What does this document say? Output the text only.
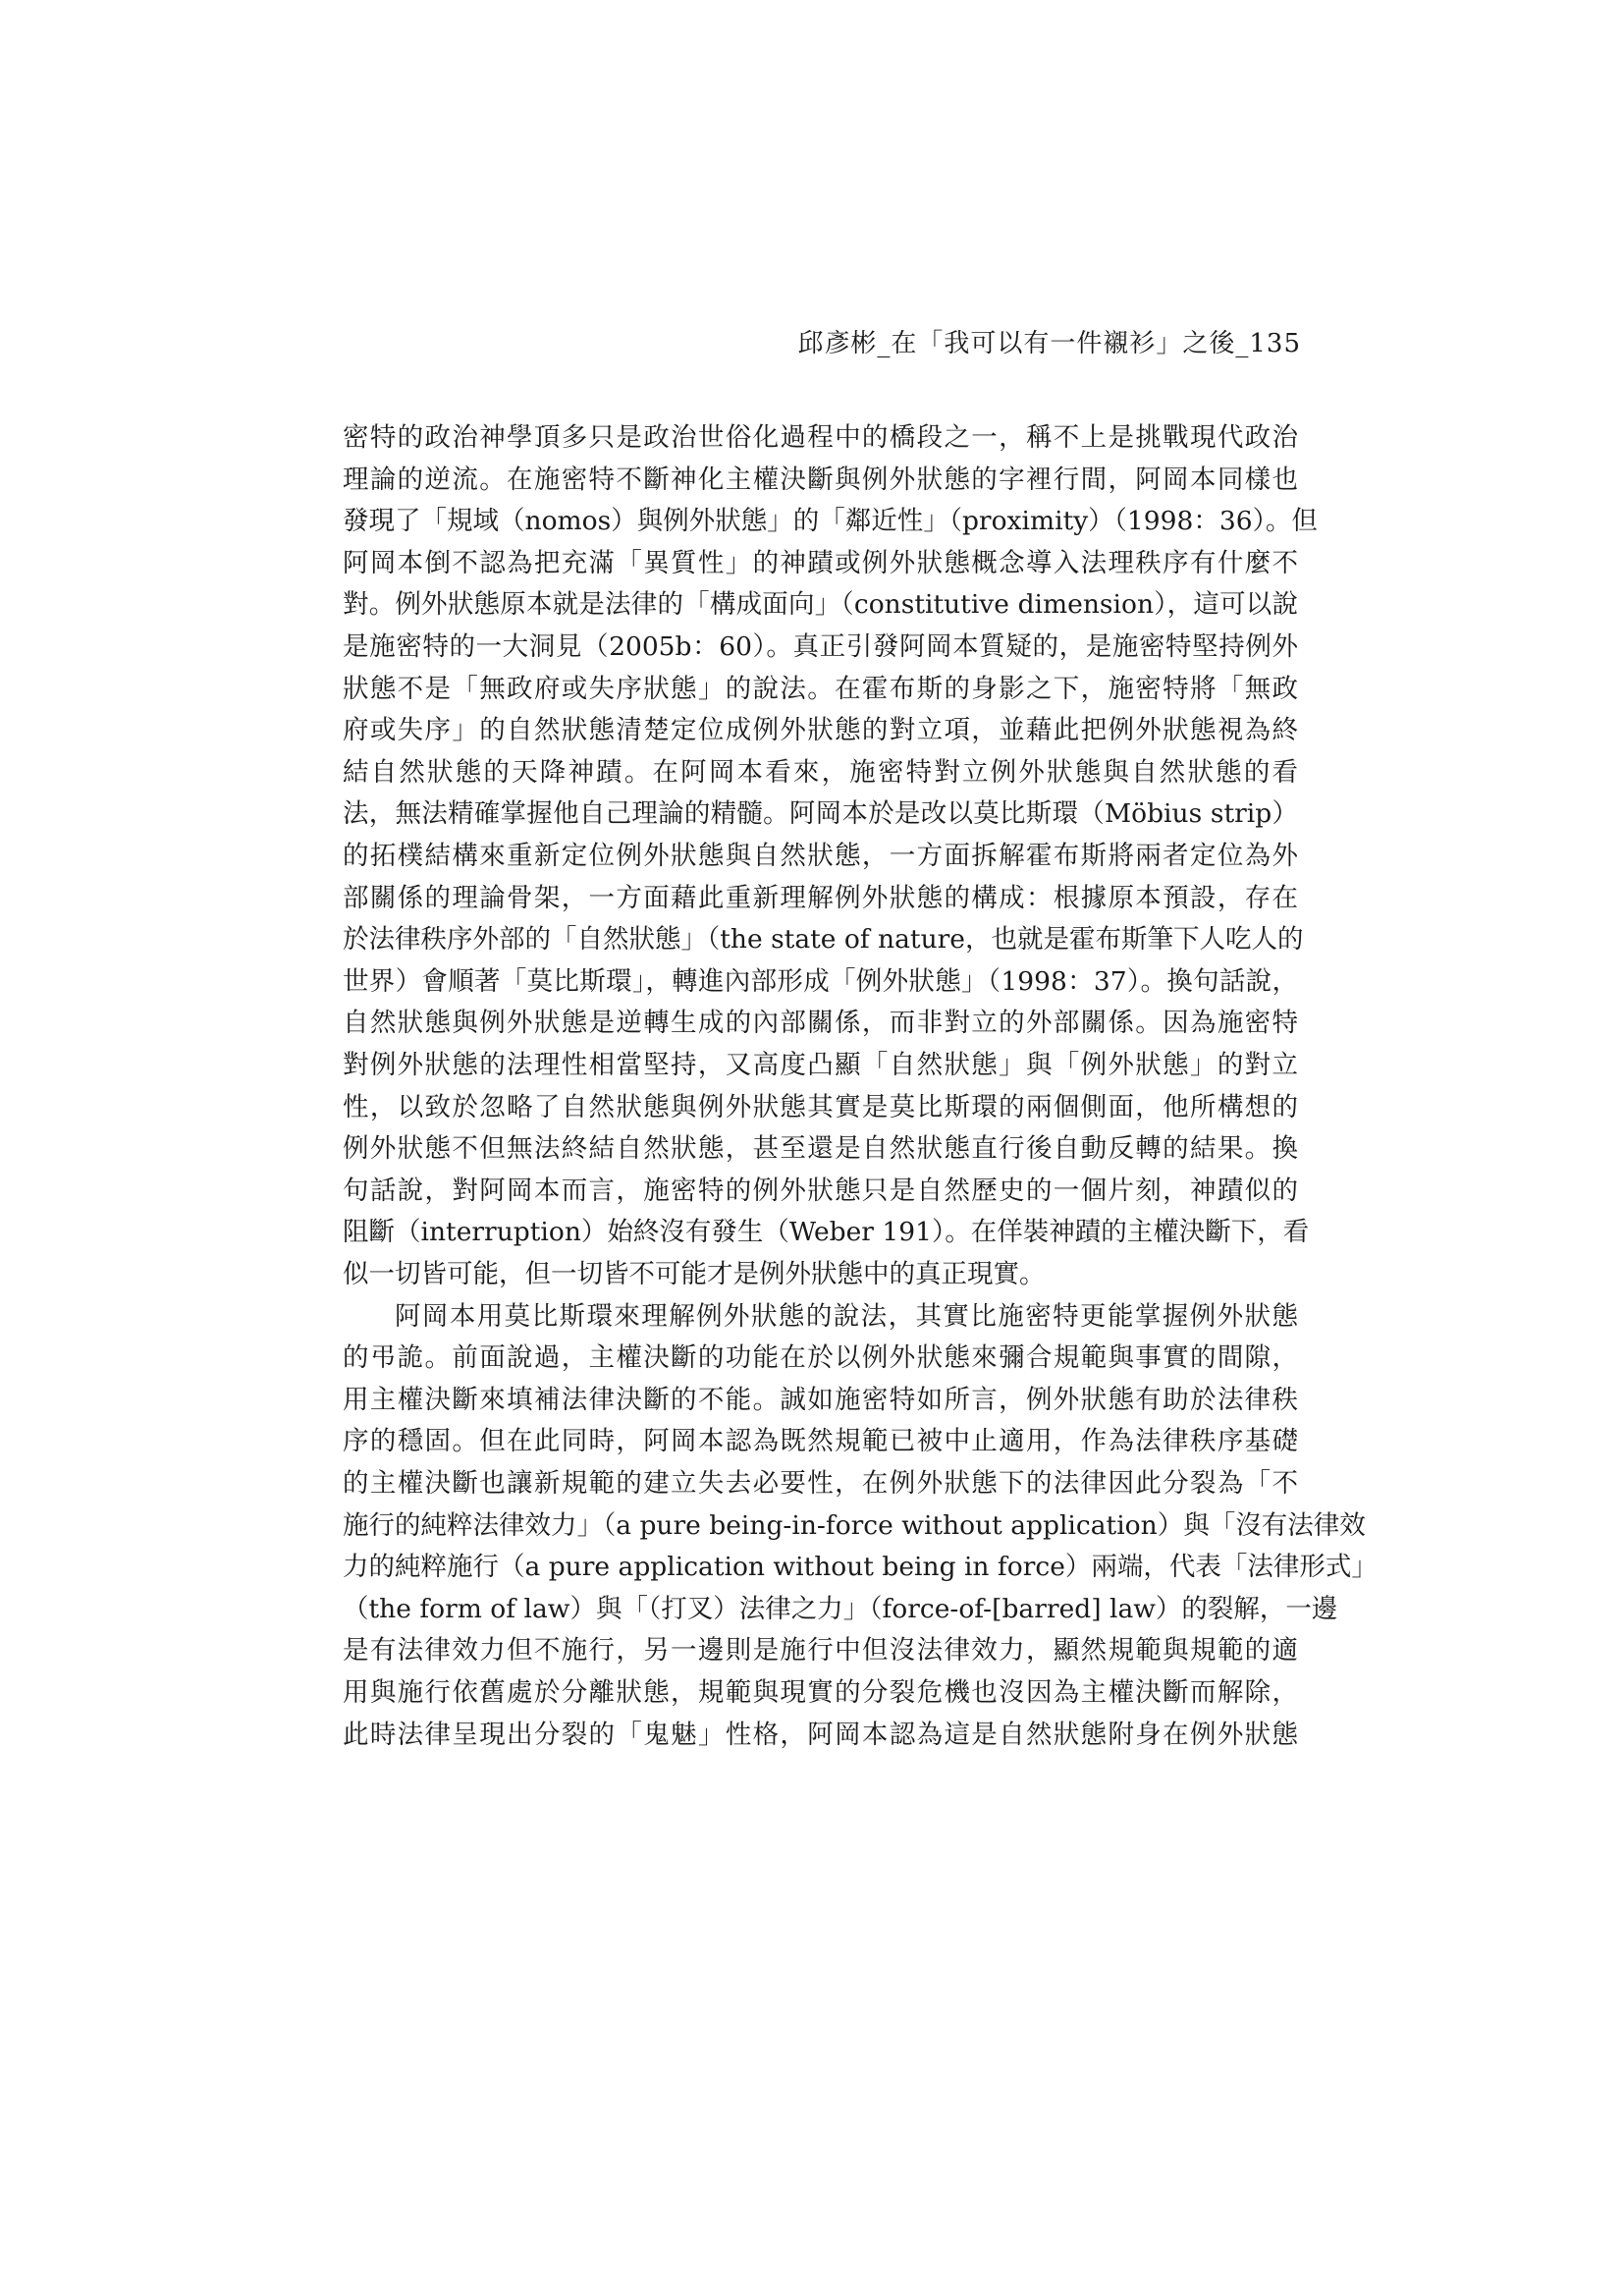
邱彥彬_在「我可以有一件襯衫」之後_135
密特的政治神學頂多只是政治世俗化過程中的橋段之一，稱不上是挑戰現代政治
理論的逆流。在施密特不斷神化主權決斷與例外狀態的字裡行間，阿岡本同樣也
發現了「規域（nomos）與例外狀態」的「鄰近性」（proximity）（1998：36）。但
阿岡本倒不認為把充滿「異質性」的神蹟或例外狀態概念導入法理秩序有什麼不
對。例外狀態原本就是法律的「構成面向」（constitutive dimension），這可以說
是施密特的一大洞見（2005b：60）。真正引發阿岡本質疑的，是施密特堅持例外
狀態不是「無政府或失序狀態」的說法。在霍布斯的身影之下，施密特將「無政
府或失序」的自然狀態清楚定位成例外狀態的對立項，並藉此把例外狀態視為終
結自然狀態的天降神蹟。在阿岡本看來，施密特對立例外狀態與自然狀態的看
法，無法精確掌握他自己理論的精髓。阿岡本於是改以莫比斯環（Möbius strip）
的拓樸結構來重新定位例外狀態與自然狀態，一方面拆解霍布斯將兩者定位為外
部關係的理論骨架，一方面藉此重新理解例外狀態的構成：根據原本預設，存在
於法律秩序外部的「自然狀態」（the state of nature，也就是霍布斯筆下人吃人的
世界）會順著「莫比斯環」，轉進內部形成「例外狀態」（1998：37）。換句話說，
自然狀態與例外狀態是逆轉生成的內部關係，而非對立的外部關係。因為施密特
對例外狀態的法理性相當堅持，又高度凸顯「自然狀態」與「例外狀態」的對立
性，以致於忽略了自然狀態與例外狀態其實是莫比斯環的兩個側面，他所構想的
例外狀態不但無法終結自然狀態，甚至還是自然狀態直行後自動反轉的結果。換
句話說，對阿岡本而言，施密特的例外狀態只是自然歷史的一個片刻，神蹟似的
阻斷（interruption）始終沒有發生（Weber 191）。在佯裝神蹟的主權決斷下，看
似一切皆可能，但一切皆不可能才是例外狀態中的真正現實。
阿岡本用莫比斯環來理解例外狀態的說法，其實比施密特更能掌握例外狀態
的弔詭。前面說過，主權決斷的功能在於以例外狀態來彌合規範與事實的間隙，
用主權決斷來填補法律決斷的不能。誠如施密特如所言，例外狀態有助於法律秩
序的穩固。但在此同時，阿岡本認為既然規範已被中止適用，作為法律秩序基礎
的主權決斷也讓新規範的建立失去必要性，在例外狀態下的法律因此分裂為「不
施行的純粹法律效力」（a pure being-in-force without application）與「沒有法律效
力的純粹施行（a pure application without being in force）兩端，代表「法律形式」
（the form of law）與「（打叉）法律之力」（force-of-[barred] law）的裂解，一邊
是有法律效力但不施行，另一邊則是施行中但沒法律效力，顯然規範與規範的適
用與施行依舊處於分離狀態，規範與現實的分裂危機也沒因為主權決斷而解除，
此時法律呈現出分裂的「鬼魅」性格，阿岡本認為這是自然狀態附身在例外狀態
